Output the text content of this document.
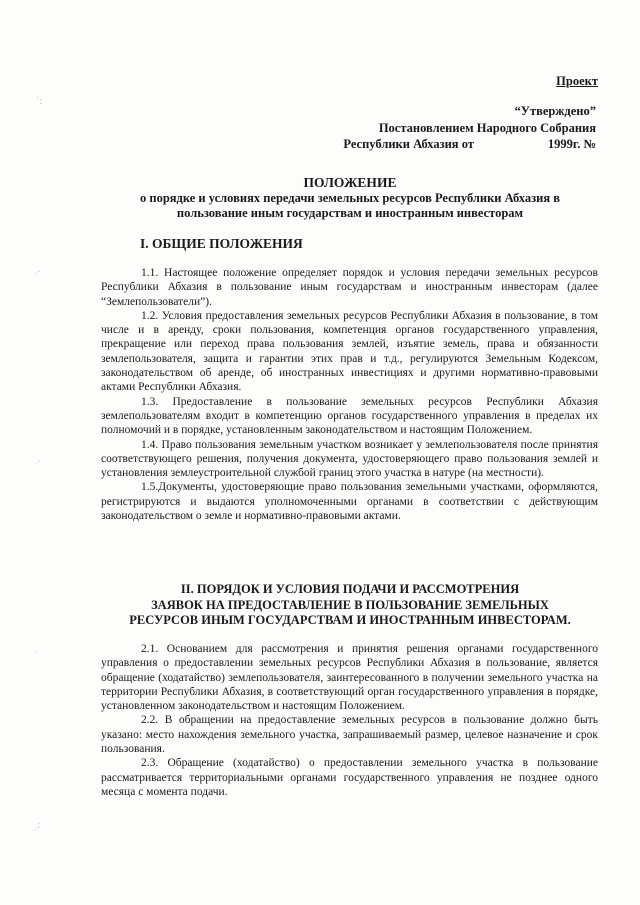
ˈ:
ˌ.
ˌ.
ˌ
ˌ:
Проект
“Утверждено”
Постановлением Народного Собрания
Республики Абхазия от	1999г. №
ПОЛОЖЕНИЕ
о порядке и условиях передачи земельных ресурсов Республики Абхазия в
пользование иным государствам и иностранным инвесторам
I. ОБЩИЕ ПОЛОЖЕНИЯ

1.1. Настоящее положение определяет порядок и условия передачи земельных ресурсов Республики Абхазия в пользование иным государствам и иностранным инвесторам (далее “Землепользователи”).

1.2. Условия предоставления земельных ресурсов Республики Абхазия в пользование, в том числе и в аренду, сроки пользования, компетенция органов государственного управления, прекращение или переход права пользования землей, изъятие земель, права и обязанности землепользователя, защита и гарантии этих прав и т.д., регулируются Земельным Кодексом, законодательством об аренде, об иностранных инвестициях и другими нормативно-правовыми актами Республики Абхазия.

1.3. Предоставление в пользование земельных ресурсов Республики Абхазия землепользователям входит в компетенцию органов государственного управления в пределах их полномочий и в порядке, установленным законодательством и настоящим Положением.

1.4. Право пользования земельным участком возникает у землепользователя после принятия соответствующего решения, получения документа, удостоверяющего право пользования землей и установления землеустроительной службой границ этого участка в натуре (на местности).

1.5.Документы, удостоверяющие право пользования земельными участками, оформляются, регистрируются и выдаются уполномоченными органами в соответствии с действующим законодательством о земле и нормативно-правовыми актами.

II. ПОРЯДОК И УСЛОВИЯ ПОДАЧИ И РАССМОТРЕНИЯ
ЗАЯВОК НА ПРЕДОСТАВЛЕНИЕ В ПОЛЬЗОВАНИЕ ЗЕМЕЛЬНЫХ
РЕСУРСОВ ИНЫМ ГОСУДАРСТВАМ И ИНОСТРАННЫМ ИНВЕСТОРАМ.

2.1. Основанием для рассмотрения и принятия решения органами государственного управления о предоставлении земельных ресурсов Республики Абхазия в пользование, является обращение (ходатайство) землепользователя, заинтересованного в получении земельного участка на территории Республики Абхазия, в соответствующий орган государственного управления в порядке, установленном законодательством и настоящим Положением.

2.2. В обращении на предоставление земельных ресурсов в пользование должно быть указано: место нахождения земельного участка, запрашиваемый размер, целевое назначение и срок пользования.

2.3. Обращение (ходатайство) о предоставлении земельного участка в пользование рассматривается территориальными органами государственного управления не позднее одного месяца с момента подачи.
